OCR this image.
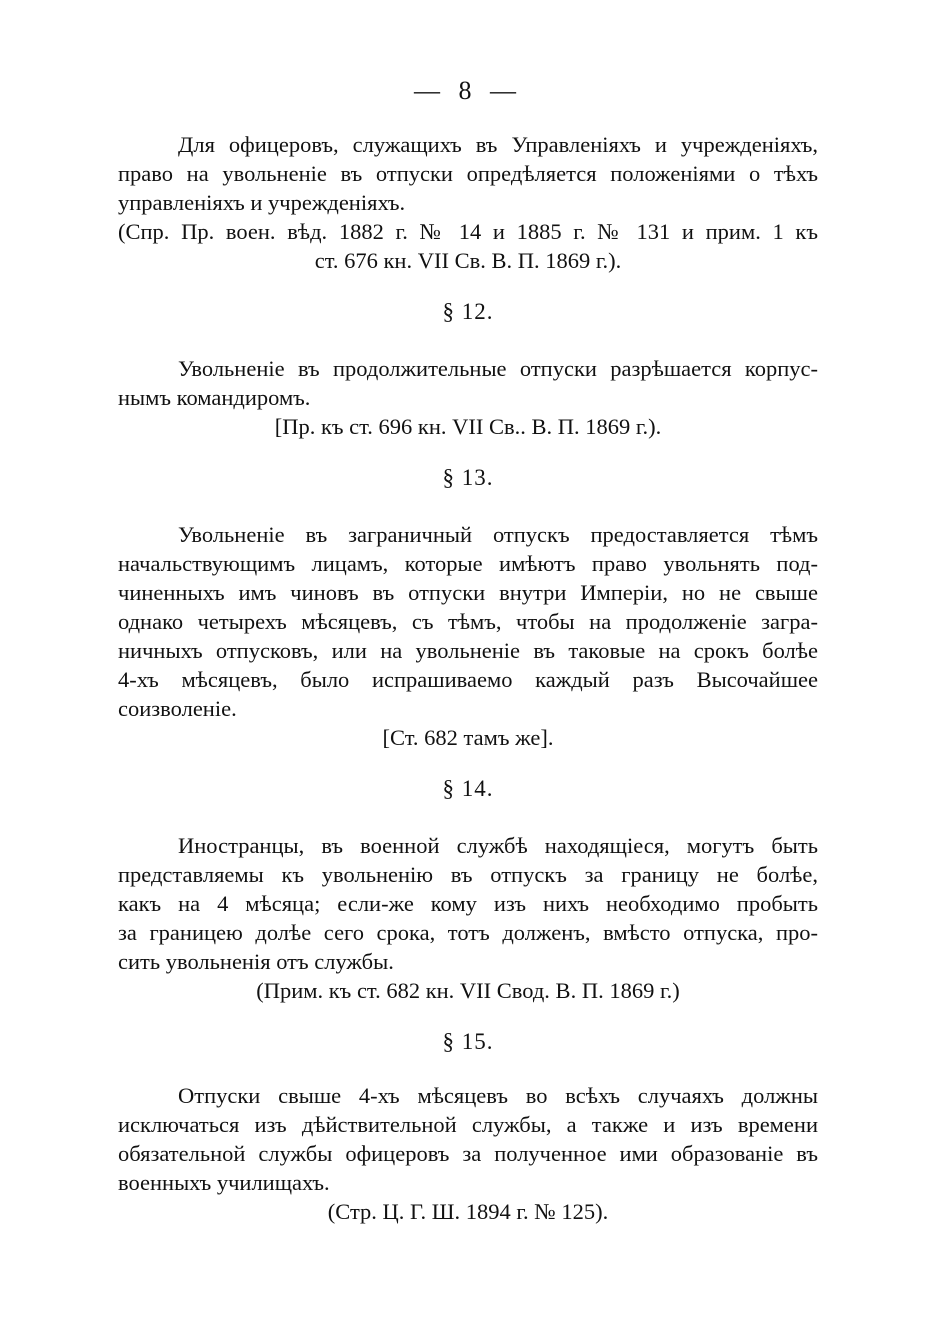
— 8 —
Для офицеровъ, служащихъ въ Управленіяхъ и учрежденіяхъ,
право на увольненіе въ отпуски опредѣляется положеніями о тѣхъ
управленіяхъ и учрежденіяхъ.
(Спр. Пр. воен. вѣд. 1882 г. № 14 и 1885 г. № 131 и прим. 1 къ
ст. 676 кн. VII Св. В. П. 1869 г.).
§ 12.
Увольненіе въ продолжительные отпуски разрѣшается корпус-
нымъ командиромъ.
[Пр. къ ст. 696 кн. VII Св.. В. П. 1869 г.).
§ 13.
Увольненіе въ заграничный отпускъ предоставляется тѣмъ
начальствующимъ лицамъ, которые имѣютъ право увольнять под-
чиненныхъ имъ чиновъ въ отпуски внутри Имперіи, но не свыше
однако четырехъ мѣсяцевъ, съ тѣмъ, чтобы на продолженіе загра-
ничныхъ отпусковъ, или на увольненіе въ таковые на срокъ болѣе
4-хъ мѣсяцевъ, было испрашиваемо каждый разъ Высочайшее
соизволеніе.
[Ст. 682 тамъ же].
§ 14.
Иностранцы, въ военной службѣ находящіеся, могутъ быть
представляемы къ увольненію въ отпускъ за границу не болѣе,
какъ на 4 мѣсяца; если-же кому изъ нихъ необходимо пробыть
за границею долѣе сего срока, тотъ долженъ, вмѣсто отпуска, про-
сить увольненія отъ службы.
(Прим. къ ст. 682 кн. VII Свод. В. П. 1869 г.)
§ 15.
Отпуски свыше 4-хъ мѣсяцевъ во всѣхъ случаяхъ должны
исключаться изъ дѣйствительной службы, а также и изъ времени
обязательной службы офицеровъ за полученное ими образованіе въ
военныхъ училищахъ.
(Стр. Ц. Г. Ш. 1894 г. № 125).
